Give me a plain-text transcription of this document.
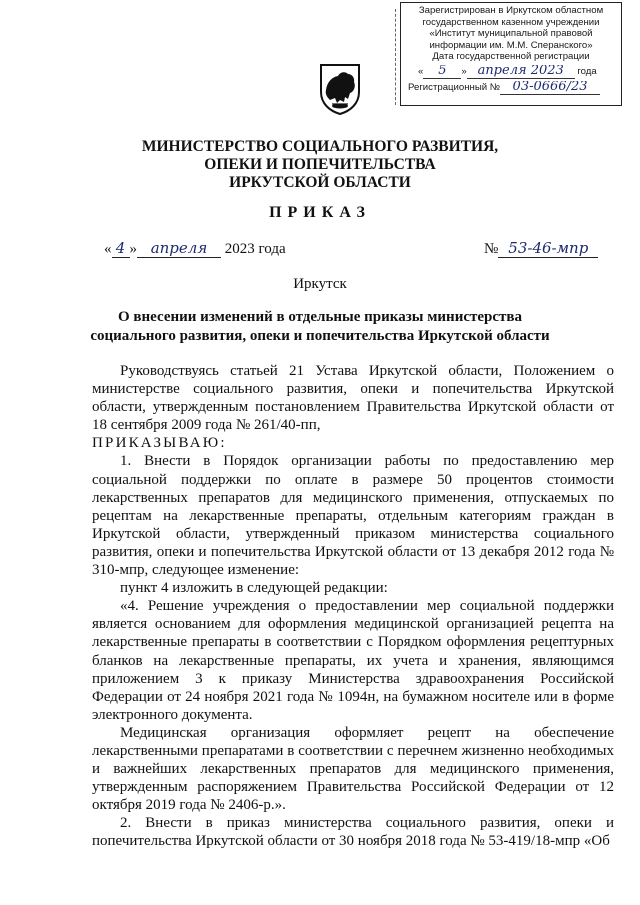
Зарегистрирован в Иркутском областном
государственном казенном учреждении
«Институт муниципальной правовой
информации им. М.М. Сперанского»
Дата государственной регистрации
« 5 » апреля 2023 года
Регистрационный № 03-0666/23
МИНИСТЕРСТВО СОЦИАЛЬНОГО РАЗВИТИЯ,
ОПЕКИ И ПОПЕЧИТЕЛЬСТВА
ИРКУТСКОЙ ОБЛАСТИ
ПРИКАЗ
« 4 » апреля 2023 года	№ 53-46-мпр
Иркутск
О внесении изменений в отдельные приказы министерства социального развития, опеки и попечительства Иркутской области

Руководствуясь статьей 21 Устава Иркутской области, Положением о министерстве социального развития, опеки и попечительства Иркутской области, утвержденным постановлением Правительства Иркутской области от 18 сентября 2009 года № 261/40-пп,

ПРИКАЗЫВАЮ:

1. Внести в Порядок организации работы по предоставлению мер социальной поддержки по оплате в размере 50 процентов стоимости лекарственных препаратов для медицинского применения, отпускаемых по рецептам на лекарственные препараты, отдельным категориям граждан в Иркутской области, утвержденный приказом министерства социального развития, опеки и попечительства Иркутской области от 13 декабря 2012 года № 310-мпр, следующее изменение:

пункт 4 изложить в следующей редакции:

«4. Решение учреждения о предоставлении мер социальной поддержки является основанием для оформления медицинской организацией рецепта на лекарственные препараты в соответствии с Порядком оформления рецептурных бланков на лекарственные препараты, их учета и хранения, являющимся приложением 3 к приказу Министерства здравоохранения Российской Федерации от 24 ноября 2021 года № 1094н, на бумажном носителе или в форме электронного документа.

Медицинская организация оформляет рецепт на обеспечение лекарственными препаратами в соответствии с перечнем жизненно необходимых и важнейших лекарственных препаратов для медицинского применения, утвержденным распоряжением Правительства Российской Федерации от 12 октября 2019 года № 2406-р.».

2. Внести в приказ министерства социального развития, опеки и попечительства Иркутской области от 30 ноября 2018 года № 53-419/18-мпр «Об
